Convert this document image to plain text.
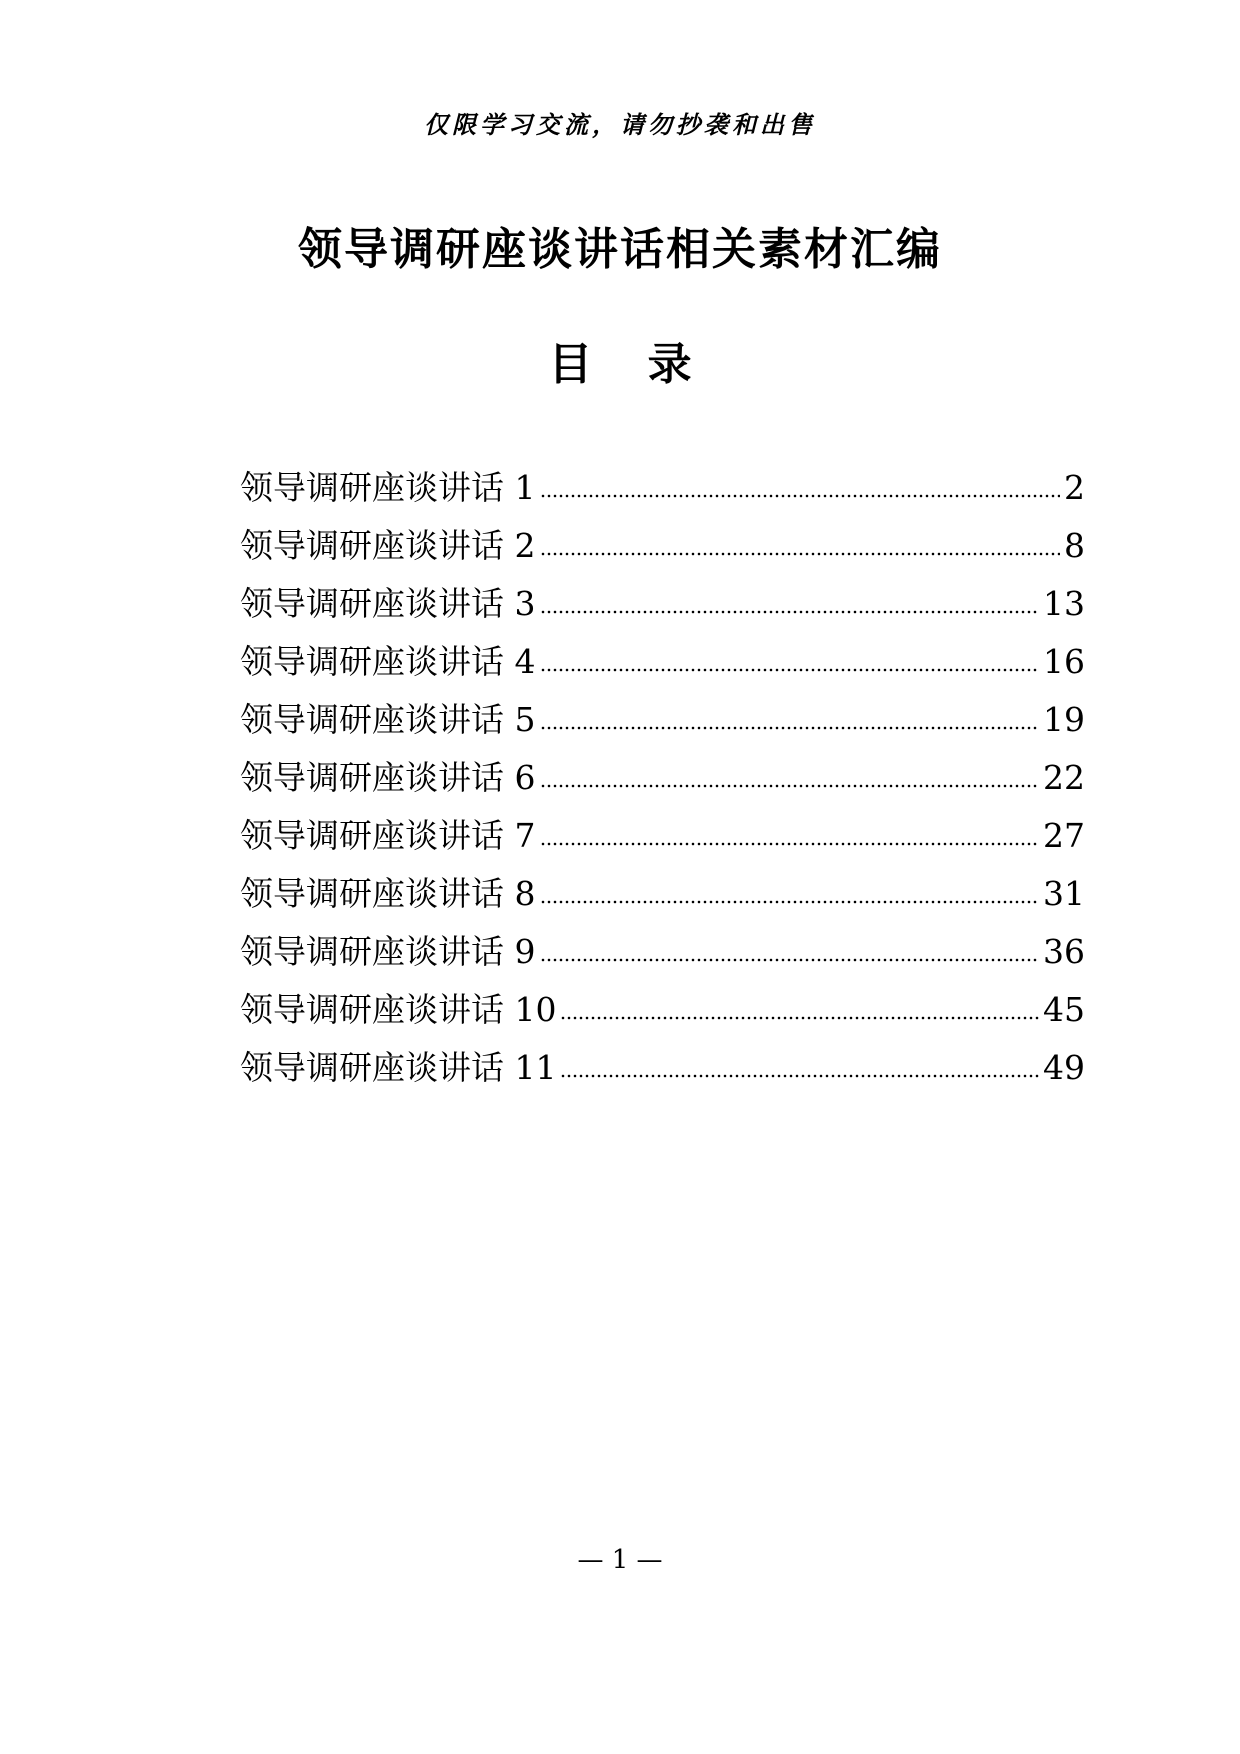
仅限学习交流，请勿抄袭和出售
领导调研座谈讲话相关素材汇编
目 录
领导调研座谈讲话 1	2
领导调研座谈讲话 2	8
领导调研座谈讲话 3	13
领导调研座谈讲话 4	16
领导调研座谈讲话 5	19
领导调研座谈讲话 6	22
领导调研座谈讲话 7	27
领导调研座谈讲话 8	31
领导调研座谈讲话 9	36
领导调研座谈讲话 10	45
领导调研座谈讲话 11	49
— 1 —
